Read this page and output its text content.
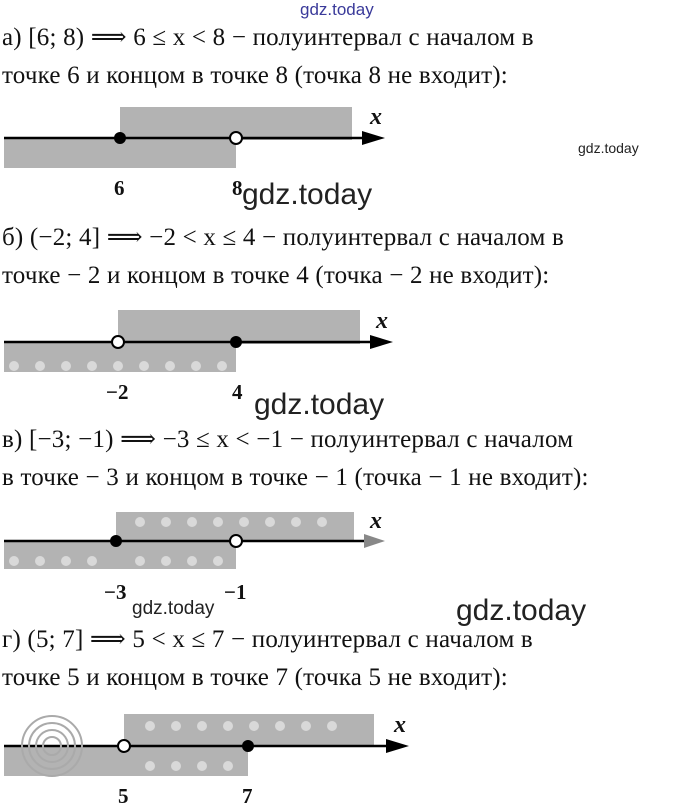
gdz.today
а) [6; 8) ⟹ 6 ≤ x < 8 − полуинтервал с началом в
точке 6 и концом в точке 8 (точка 8 не входит):
x
6	8
gdz.today
gdz.today
б) (−2; 4] ⟹ −2 < x ≤ 4 − полуинтервал с началом в
точке − 2 и концом в точке 4 (точка − 2 не входит):
x
−2	4 gdz.today
в) [−3; −1) ⟹ −3 ≤ x < −1 − полуинтервал с началом
в точке − 3 и концом в точке − 1 (точка − 1 не входит):
x
−3	−1
gdz.today	gdz.today
г) (5; 7] ⟹ 5 < x ≤ 7 − полуинтервал с началом в
точке 5 и концом в точке 7 (точка 5 не входит):
x
5	7
